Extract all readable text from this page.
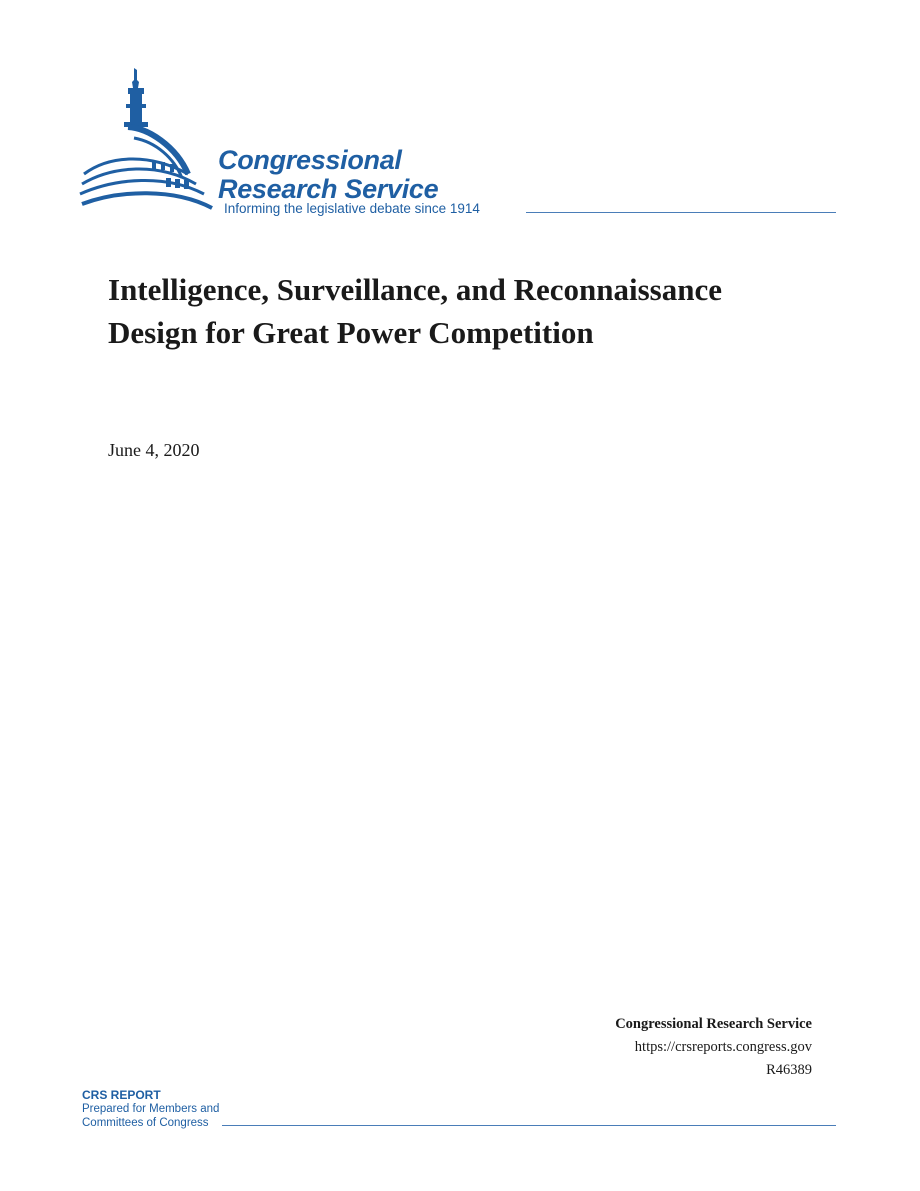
Congressional
Research Service
Informing the legislative debate since 1914
Intelligence, Surveillance, and Reconnaissance Design for Great Power Competition
June 4, 2020
Congressional Research Service
https://crsreports.congress.gov
R46389
CRS REPORT
Prepared for Members and
Committees of Congress
